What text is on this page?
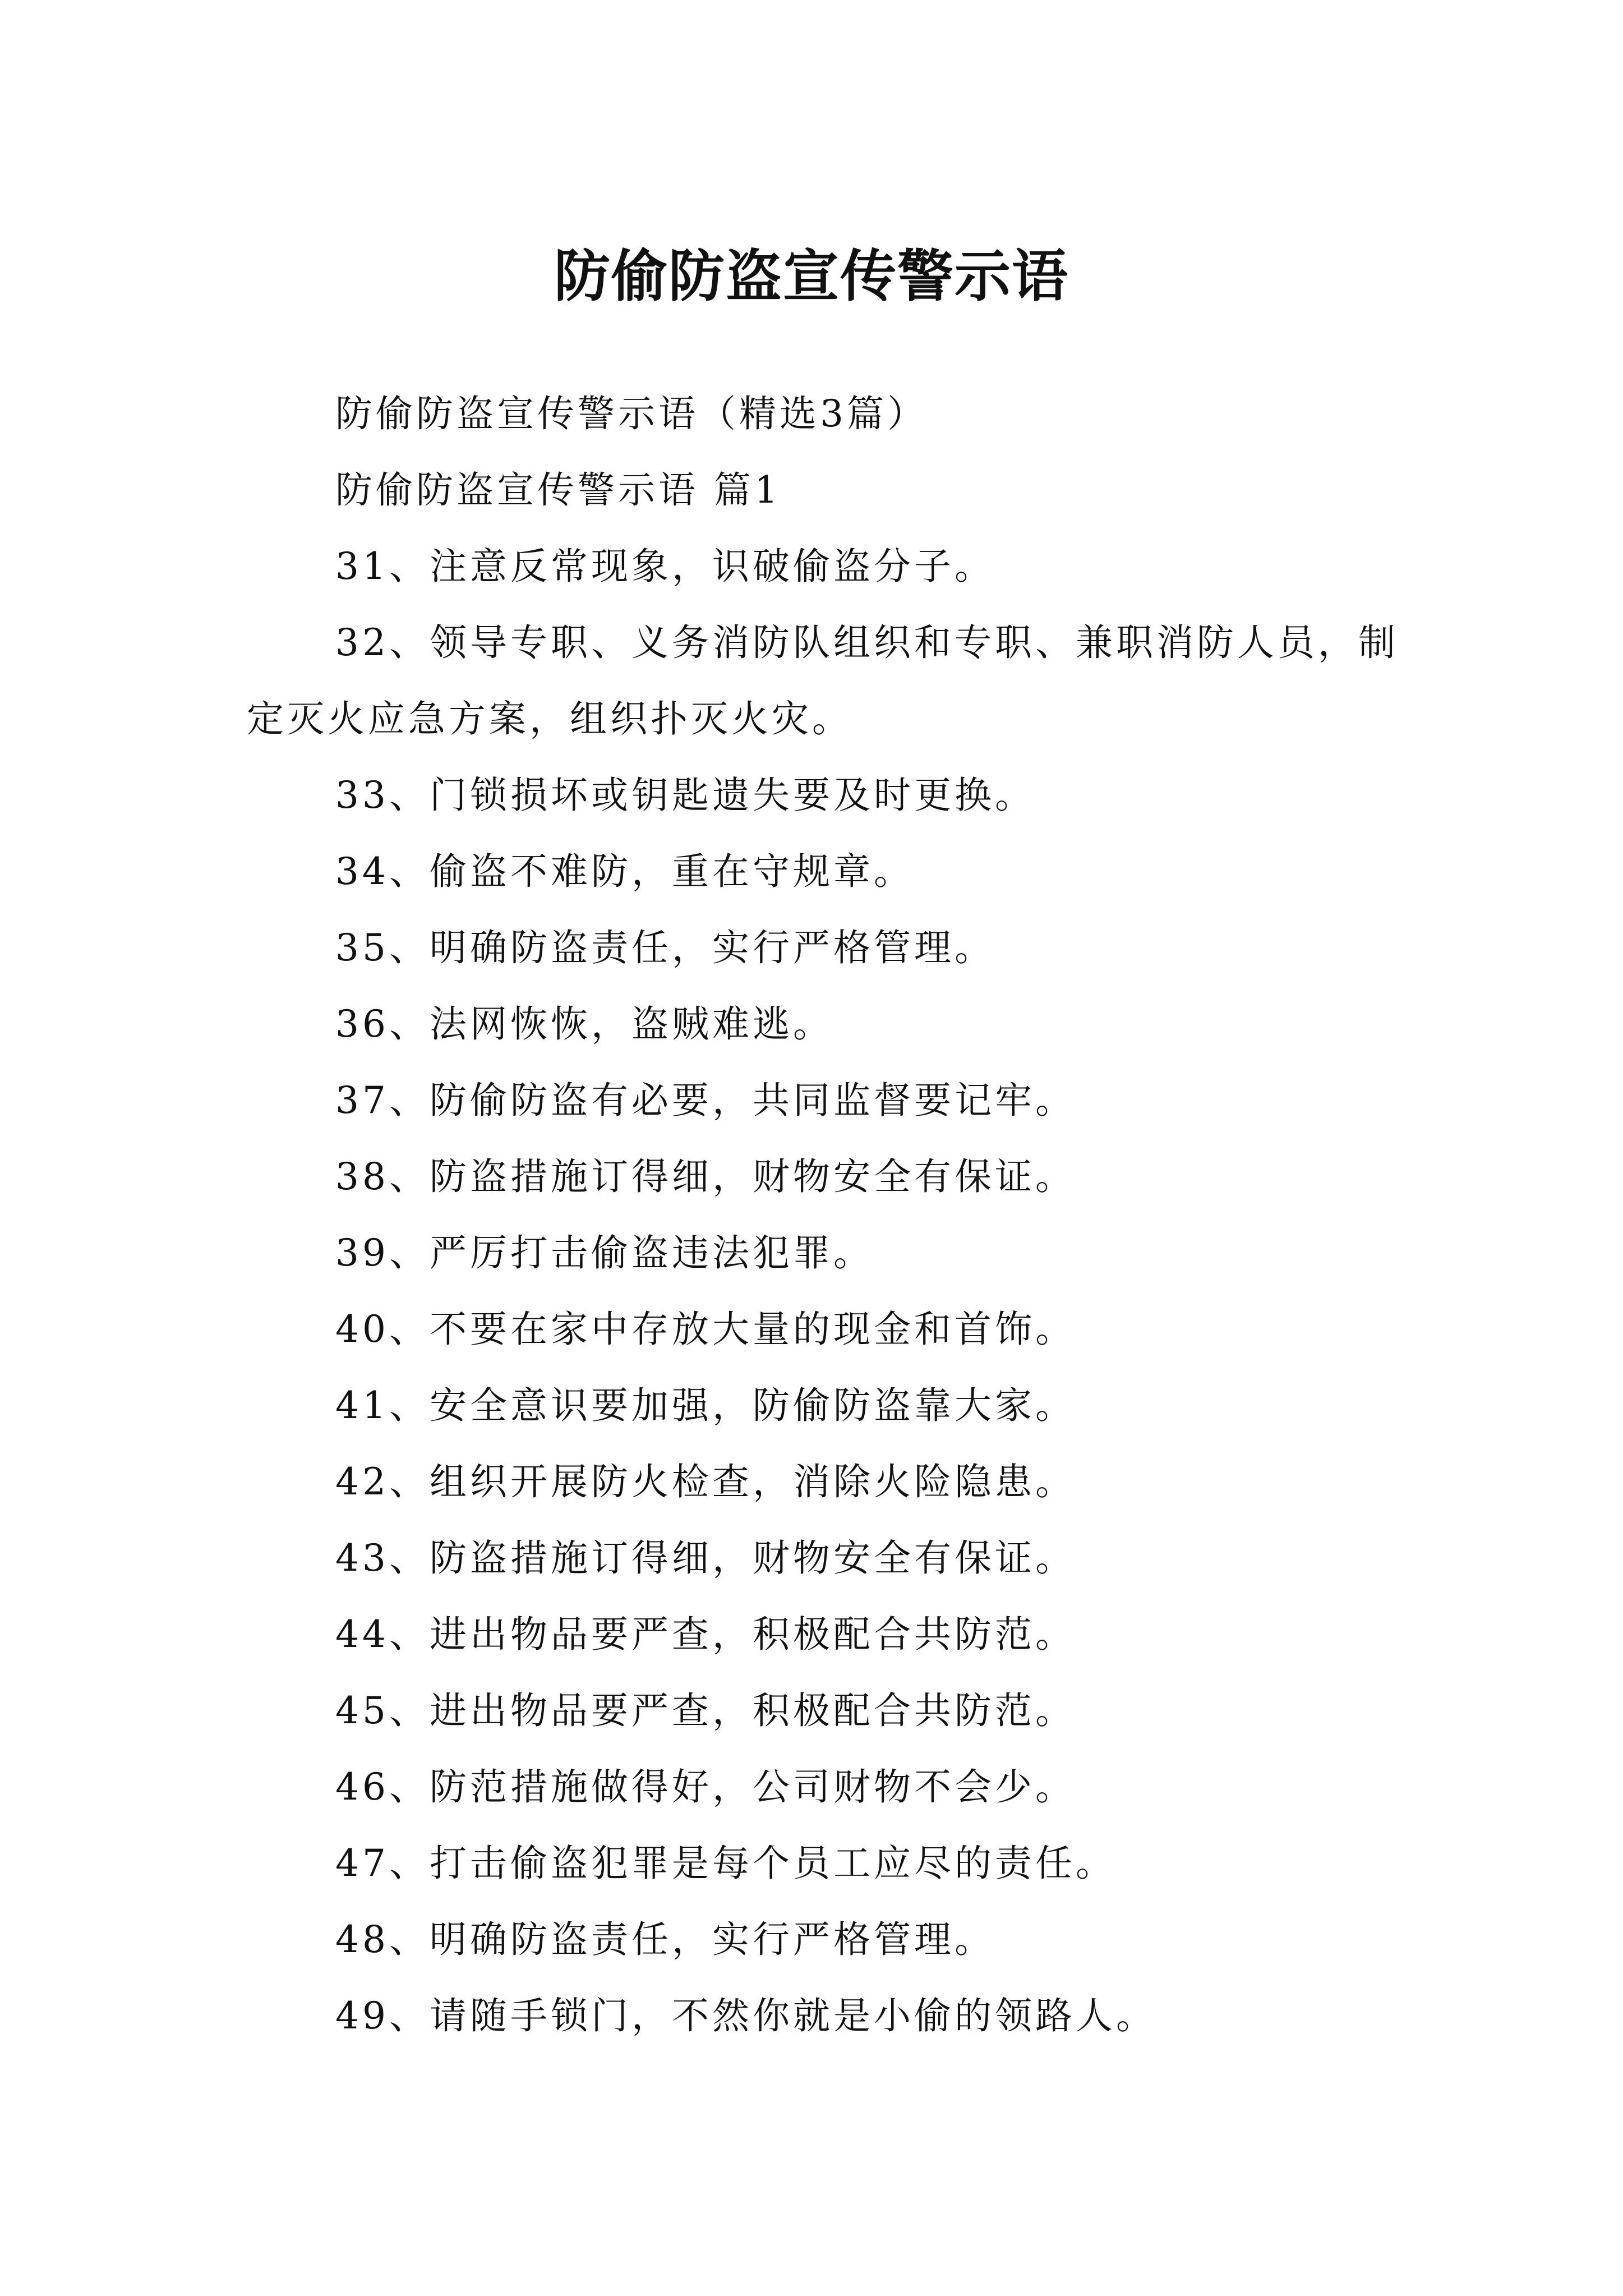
防偷防盗宣传警示语

防偷防盗宣传警示语（精选3篇）

防偷防盗宣传警示语 篇1

31、注意反常现象，识破偷盗分子。

32、领导专职、义务消防队组织和专职、兼职消防人员，制定灭火应急方案，组织扑灭火灾。

33、门锁损坏或钥匙遗失要及时更换。

34、偷盗不难防，重在守规章。

35、明确防盗责任，实行严格管理。

36、法网恢恢，盗贼难逃。

37、防偷防盗有必要，共同监督要记牢。

38、防盗措施订得细，财物安全有保证。

39、严厉打击偷盗违法犯罪。

40、不要在家中存放大量的现金和首饰。

41、安全意识要加强，防偷防盗靠大家。

42、组织开展防火检查，消除火险隐患。

43、防盗措施订得细，财物安全有保证。

44、进出物品要严查，积极配合共防范。

45、进出物品要严查，积极配合共防范。

46、防范措施做得好，公司财物不会少。

47、打击偷盗犯罪是每个员工应尽的责任。

48、明确防盗责任，实行严格管理。

49、请随手锁门，不然你就是小偷的领路人。
